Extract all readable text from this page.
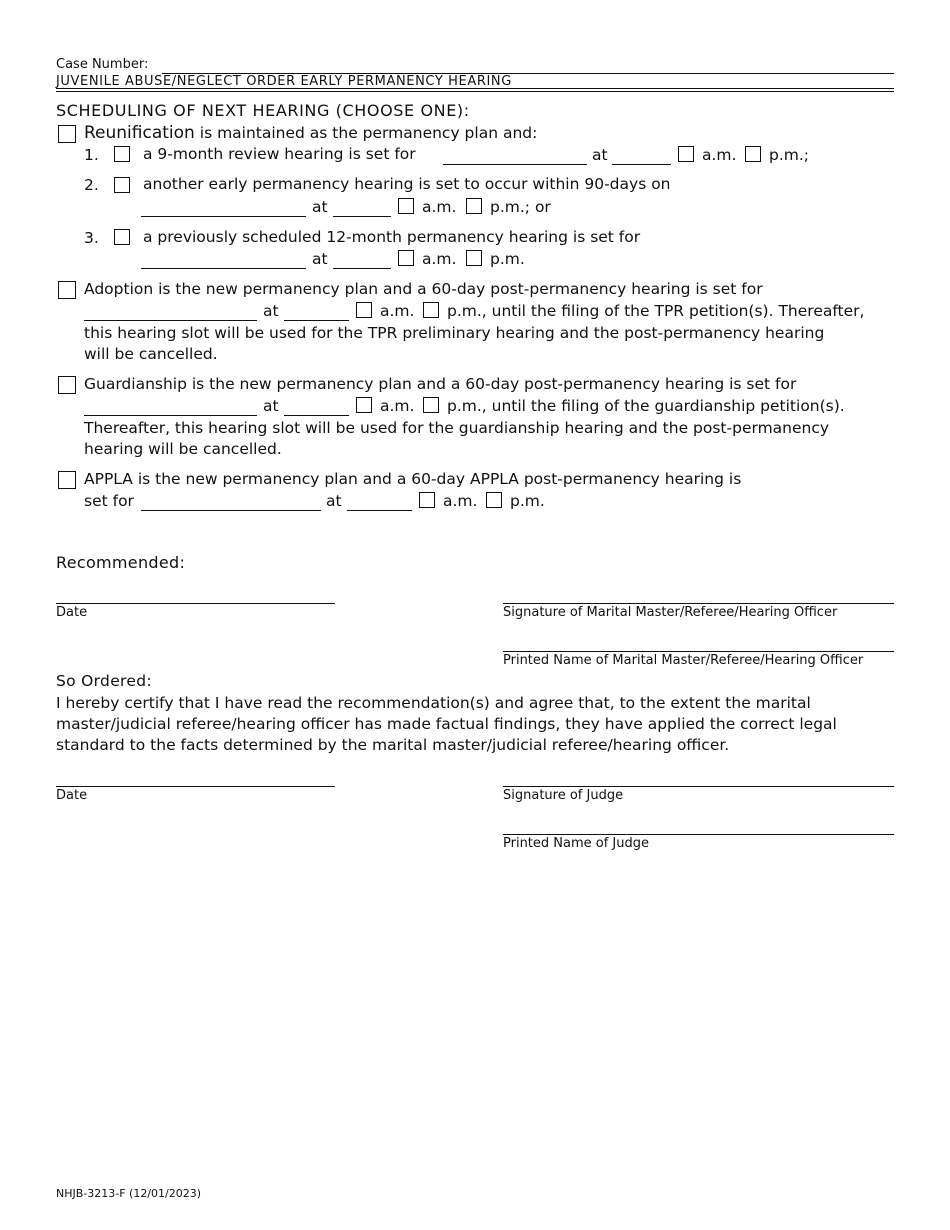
Case Number:
JUVENILE ABUSE/NEGLECT ORDER EARLY PERMANENCY HEARING
SCHEDULING OF NEXT HEARING (CHOOSE ONE):
Reunification is maintained as the permanency plan and:
1.	a 9-month review hearing is set for	at	a.m. p.m.;
2.	another early permanency hearing is set to occur within 90-days on
at	a.m. p.m.; or
3.	a previously scheduled 12-month permanency hearing is set for
at	a.m. p.m.
Adoption is the new permanency plan and a 60-day post-permanency hearing is set for
at	a.m. p.m., until the filing of the TPR petition(s). Thereafter,
this hearing slot will be used for the TPR preliminary hearing and the post-permanency hearing
will be cancelled.
Guardianship is the new permanency plan and a 60-day post-permanency hearing is set for
at	a.m. p.m., until the filing of the guardianship petition(s).
Thereafter, this hearing slot will be used for the guardianship hearing and the post-permanency
hearing will be cancelled.
APPLA is the new permanency plan and a 60-day APPLA post-permanency hearing is
set for	at	a.m. p.m.
Recommended:
Date	Signature of Marital Master/Referee/Hearing Officer
Printed Name of Marital Master/Referee/Hearing Officer
So Ordered:
I hereby certify that I have read the recommendation(s) and agree that, to the extent the marital
master/judicial referee/hearing officer has made factual findings, they have applied the correct legal
standard to the facts determined by the marital master/judicial referee/hearing officer.
Date	Signature of Judge
Printed Name of Judge
NHJB-3213-F (12/01/2023)
